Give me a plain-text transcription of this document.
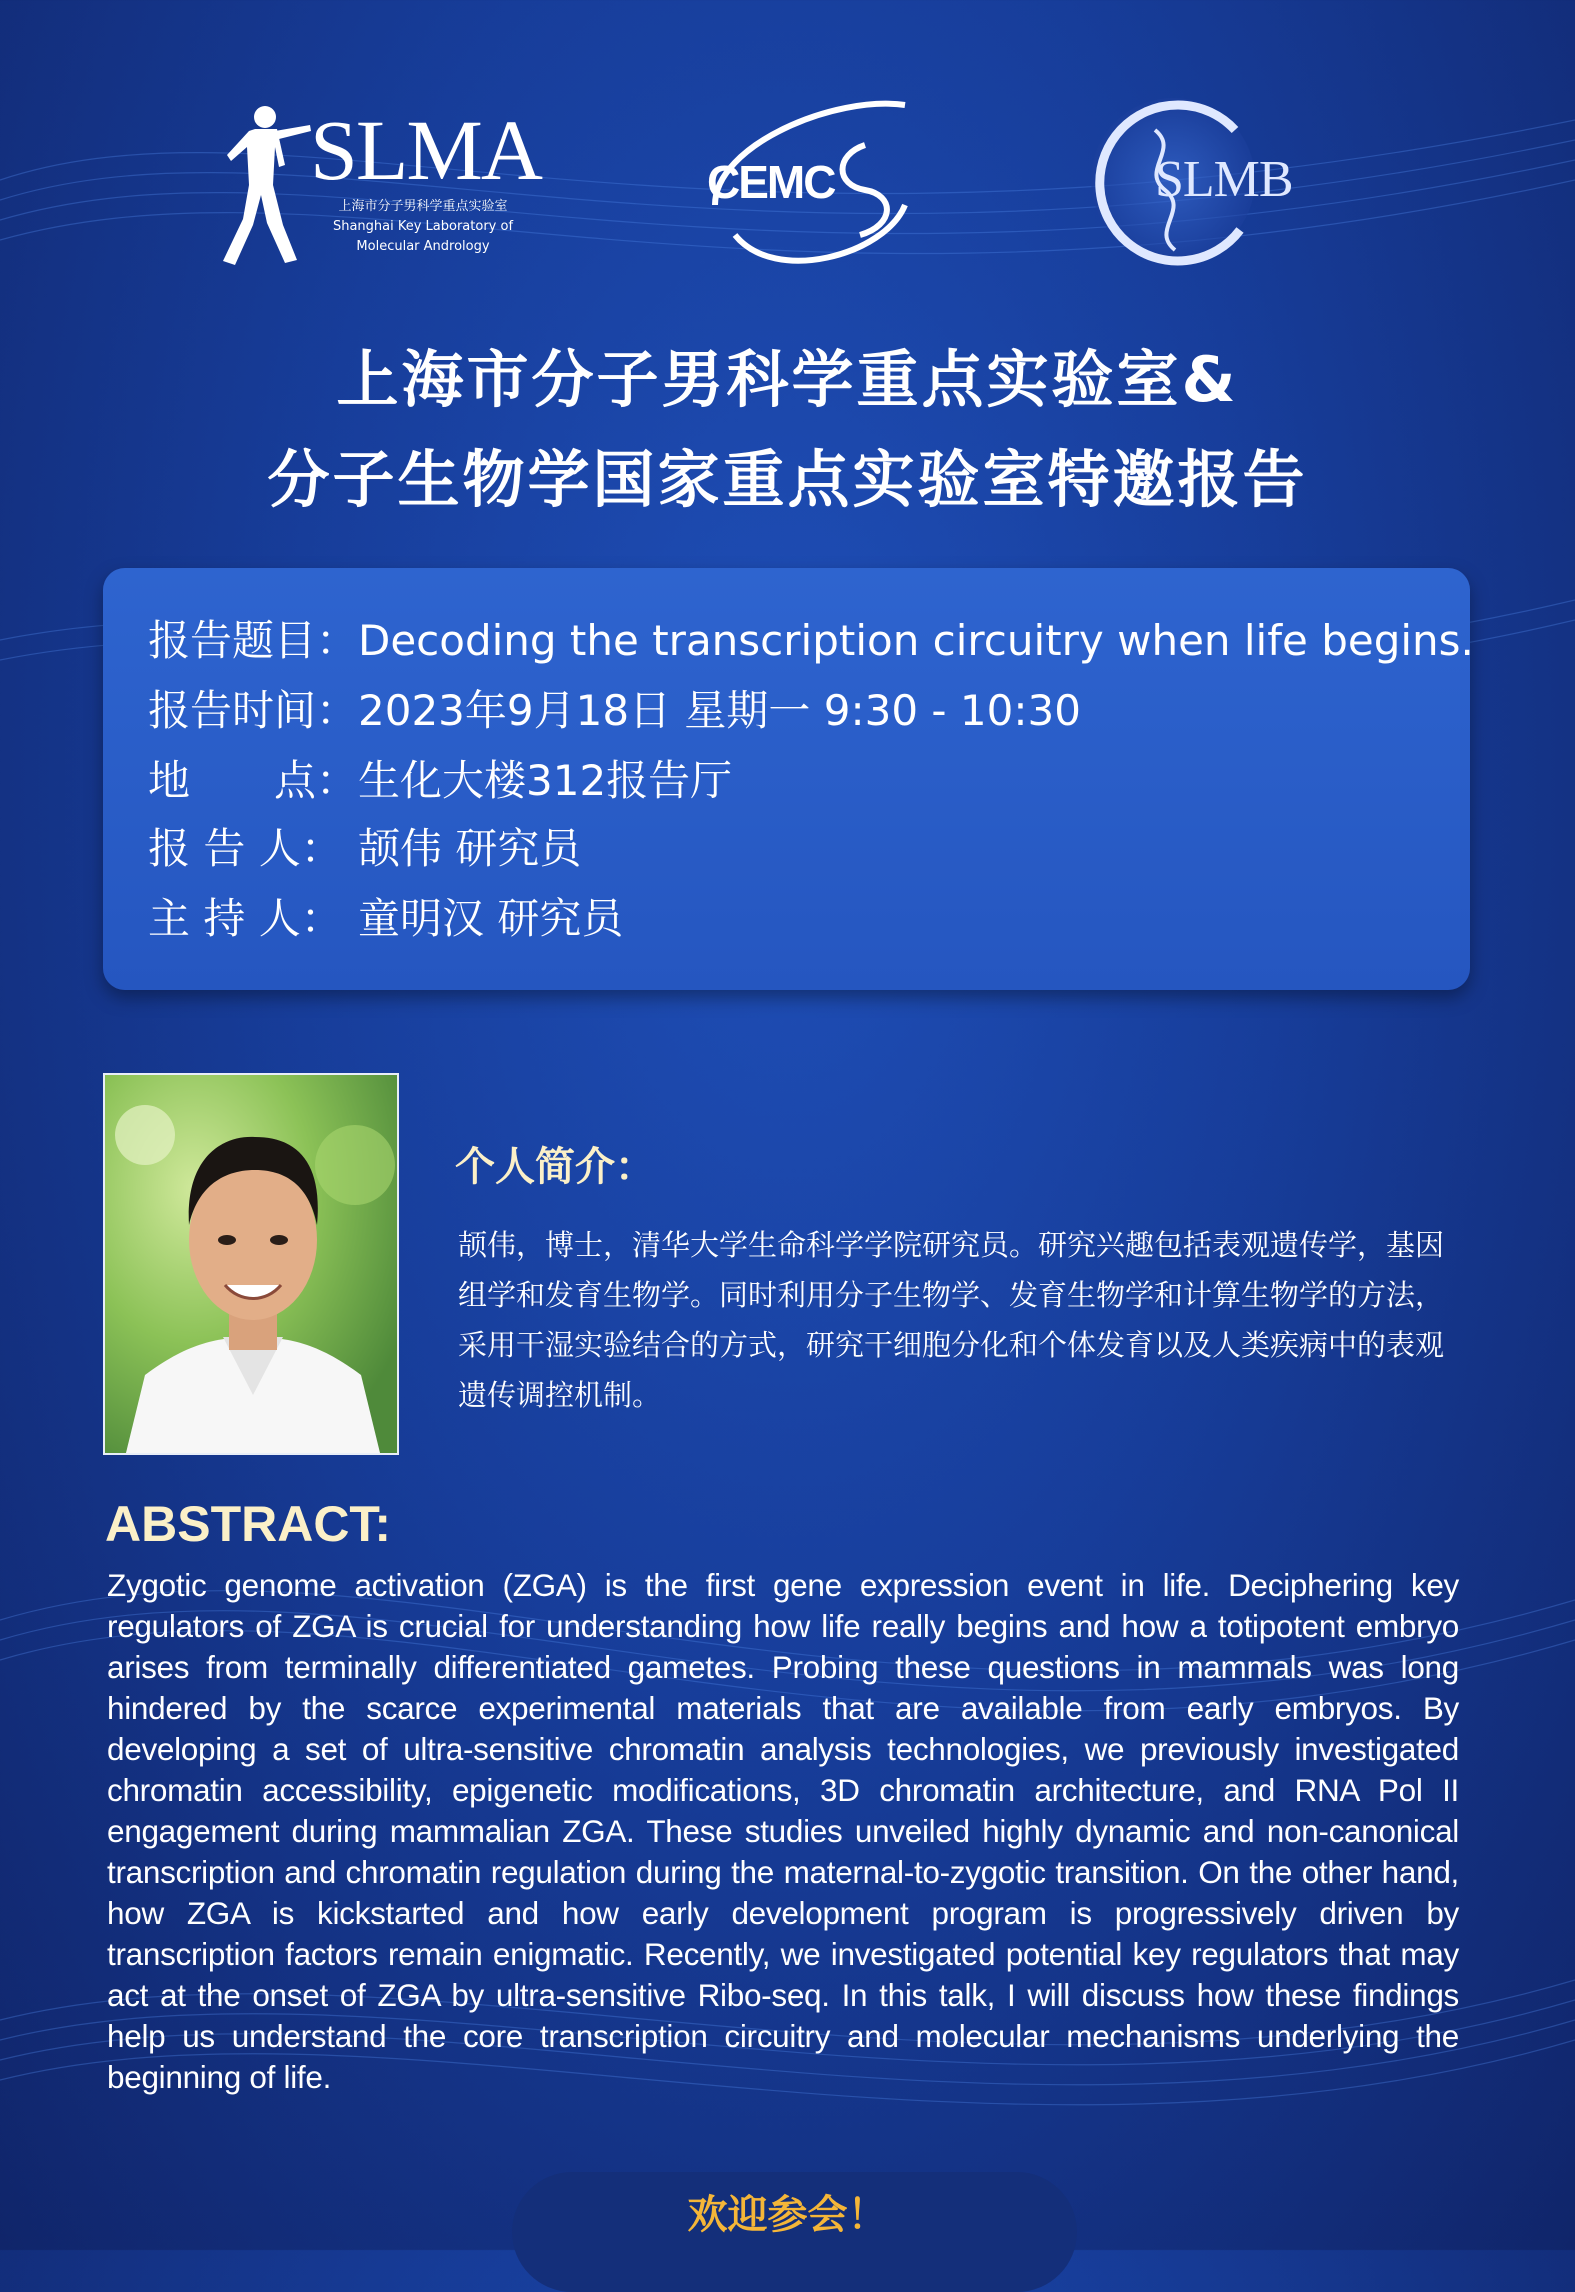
SLMA
上海市分子男科学重点实验室
Shanghai Key Laboratory of
Molecular Andrology
CEMC	SLMB
上海市分子男科学重点实验室&
分子生物学国家重点实验室特邀报告
报告题目：Decoding the transcription circuitry when life begins.
报告时间：2023年9月18日 星期一 9:30 - 10:30
地　　点：生化大楼312报告厅
报 告 人： 颉伟 研究员
主 持 人： 童明汉 研究员
个人简介：
颉伟，博士，清华大学生命科学学院研究员。研究兴趣包括表观遗传学，基因组学和发育生物学。同时利用分子生物学、发育生物学和计算生物学的方法，采用干湿实验结合的方式，研究干细胞分化和个体发育以及人类疾病中的表观遗传调控机制。
ABSTRACT:
Zygotic genome activation (ZGA) is the first gene expression event in life. Deciphering key regulators of ZGA is crucial for understanding how life really begins and how a totipotent embryo arises from terminally differentiated gametes. Probing these questions in mammals was long hindered by the scarce experimental materials that are available from early embryos. By developing a set of ultra-sensitive chromatin analysis technologies, we previously investigated chromatin accessibility, epigenetic modifications, 3D chromatin architecture, and RNA Pol II engagement during mammalian ZGA. These studies unveiled highly dynamic and non-canonical transcription and chromatin regulation during the maternal-to-zygotic transition. On the other hand, how ZGA is kickstarted and how early development program is progressively driven by transcription factors remain enigmatic. Recently, we investigated potential key regulators that may act at the onset of ZGA by ultra-sensitive Ribo-seq. In this talk, I will discuss how these findings help us understand the core transcription circuitry and molecular mechanisms underlying the beginning of life.
欢迎参会！
